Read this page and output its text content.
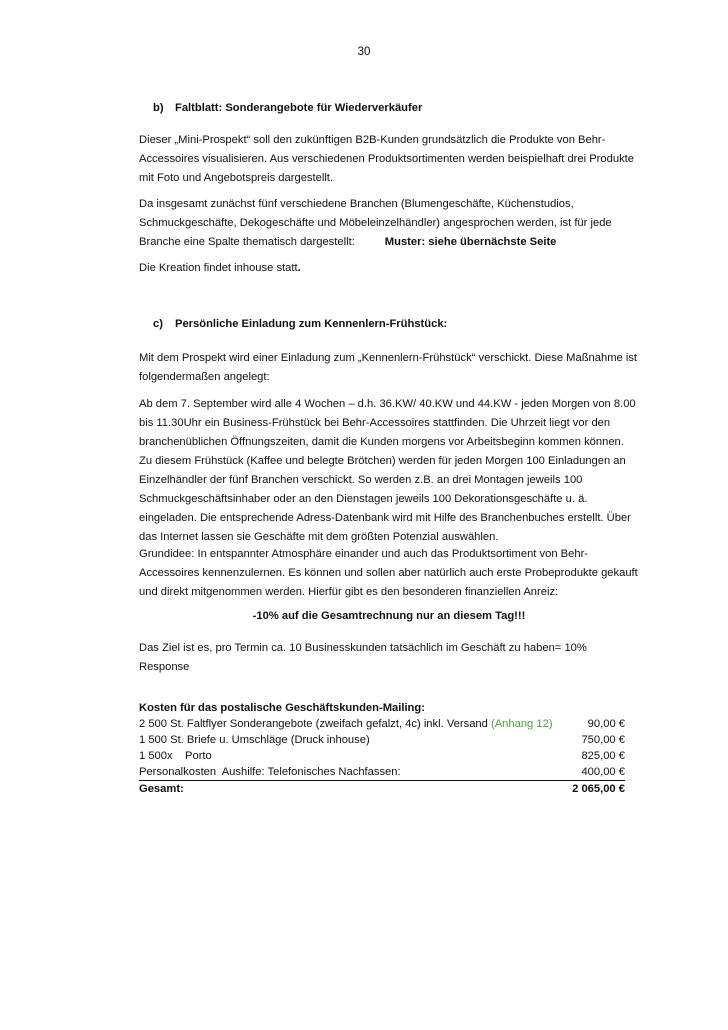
30
b) Faltblatt: Sonderangebote für Wiederverkäufer

Dieser „Mini-Prospekt“ soll den zukünftigen B2B-Kunden grundsätzlich die Produkte von Behr-

Accessoires visualisieren. Aus verschiedenen Produktsortimenten werden beispielhaft drei Produkte

mit Foto und Angebotspreis dargestellt.

Da insgesamt zunächst fünf verschiedene Branchen (Blumengeschäfte, Küchenstudios,

Schmuckgeschäfte, Dekogeschäfte und Möbeleinzelhändler) angesprochen werden, ist für jede

Branche eine Spalte thematisch dargestellt:	Muster: siehe übernächste Seite

Die Kreation findet inhouse statt.

c) Persönliche Einladung zum Kennenlern-Frühstück:

Mit dem Prospekt wird einer Einladung zum „Kennenlern-Frühstück“ verschickt. Diese Maßnahme ist

folgendermaßen angelegt:

Ab dem 7. September wird alle 4 Wochen – d.h. 36.KW/ 40.KW und 44.KW - jeden Morgen von 8.00

bis 11.30Uhr ein Business-Frühstück bei Behr-Accessoires stattfinden. Die Uhrzeit liegt vor den

branchenüblichen Öffnungszeiten, damit die Kunden morgens vor Arbeitsbeginn kommen können.

Zu diesem Frühstück (Kaffee und belegte Brötchen) werden für jeden Morgen 100 Einladungen an

Einzelhändler der fünf Branchen verschickt. So werden z.B. an drei Montagen jeweils 100

Schmuckgeschäftsinhaber oder an den Dienstagen jeweils 100 Dekorationsgeschäfte u. ä.

eingeladen. Die entsprechende Adress-Datenbank wird mit Hilfe des Branchenbuches erstellt. Über

das Internet lassen sie Geschäfte mit dem größten Potenzial auswählen.

Grundidee: In entspannter Atmosphäre einander und auch das Produktsortiment von Behr-

Accessoires kennenzulernen. Es können und sollen aber natürlich auch erste Probeprodukte gekauft

und direkt mitgenommen werden. Hierfür gibt es den besonderen finanziellen Anreiz:

-10% auf die Gesamtrechnung nur an diesem Tag!!!
Das Ziel ist es, pro Termin ca. 10 Businesskunden tatsächlich im Geschäft zu haben= 10% Response
Kosten für das postalische Geschäftskunden-Mailing:	
2 500 St. Faltflyer Sonderangebote (zweifach gefalzt, 4c) inkl. Versand (Anhang 12)	90,00 €
1 500 St. Briefe u. Umschläge (Druck inhouse)	750,00 €
1 500x    Porto	825,00 €
Personalkosten  Aushilfe: Telefonisches Nachfassen:	400,00 €
Gesamt:	2 065,00 €
